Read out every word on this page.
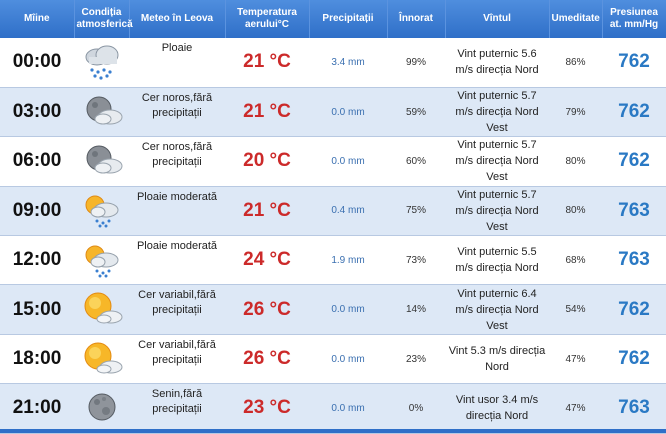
Mîine	Condiția atmosferică	Meteo în Leova	Temperatura aerului°C	Precipitații	Înnorat	Vîntul	Umeditate	Presiunea at. mm/Hg
00:00		Ploaie	21 °C	3.4 mm	99%	Vint puternic 5.6 m/s direcția Nord	86%	762
03:00		Cer noros,fără precipitații	21 °C	0.0 mm	59%	Vint puternic 5.7 m/s direcția Nord Vest	79%	762
06:00		Cer noros,fără precipitații	20 °C	0.0 mm	60%	Vint puternic 5.7 m/s direcția Nord Vest	80%	762
09:00		Ploaie moderată	21 °C	0.4 mm	75%	Vint puternic 5.7 m/s direcția Nord Vest	80%	763
12:00		Ploaie moderată	24 °C	1.9 mm	73%	Vint puternic 5.5 m/s direcția Nord	68%	763
15:00		Cer variabil,fără precipitații	26 °C	0.0 mm	14%	Vint puternic 6.4 m/s direcția Nord Vest	54%	762
18:00		Cer variabil,fără precipitații	26 °C	0.0 mm	23%	Vint 5.3 m/s direcția Nord	47%	762
21:00		Senin,fără precipitații	23 °C	0.0 mm	0%	Vint usor 3.4 m/s direcția Nord	47%	763
